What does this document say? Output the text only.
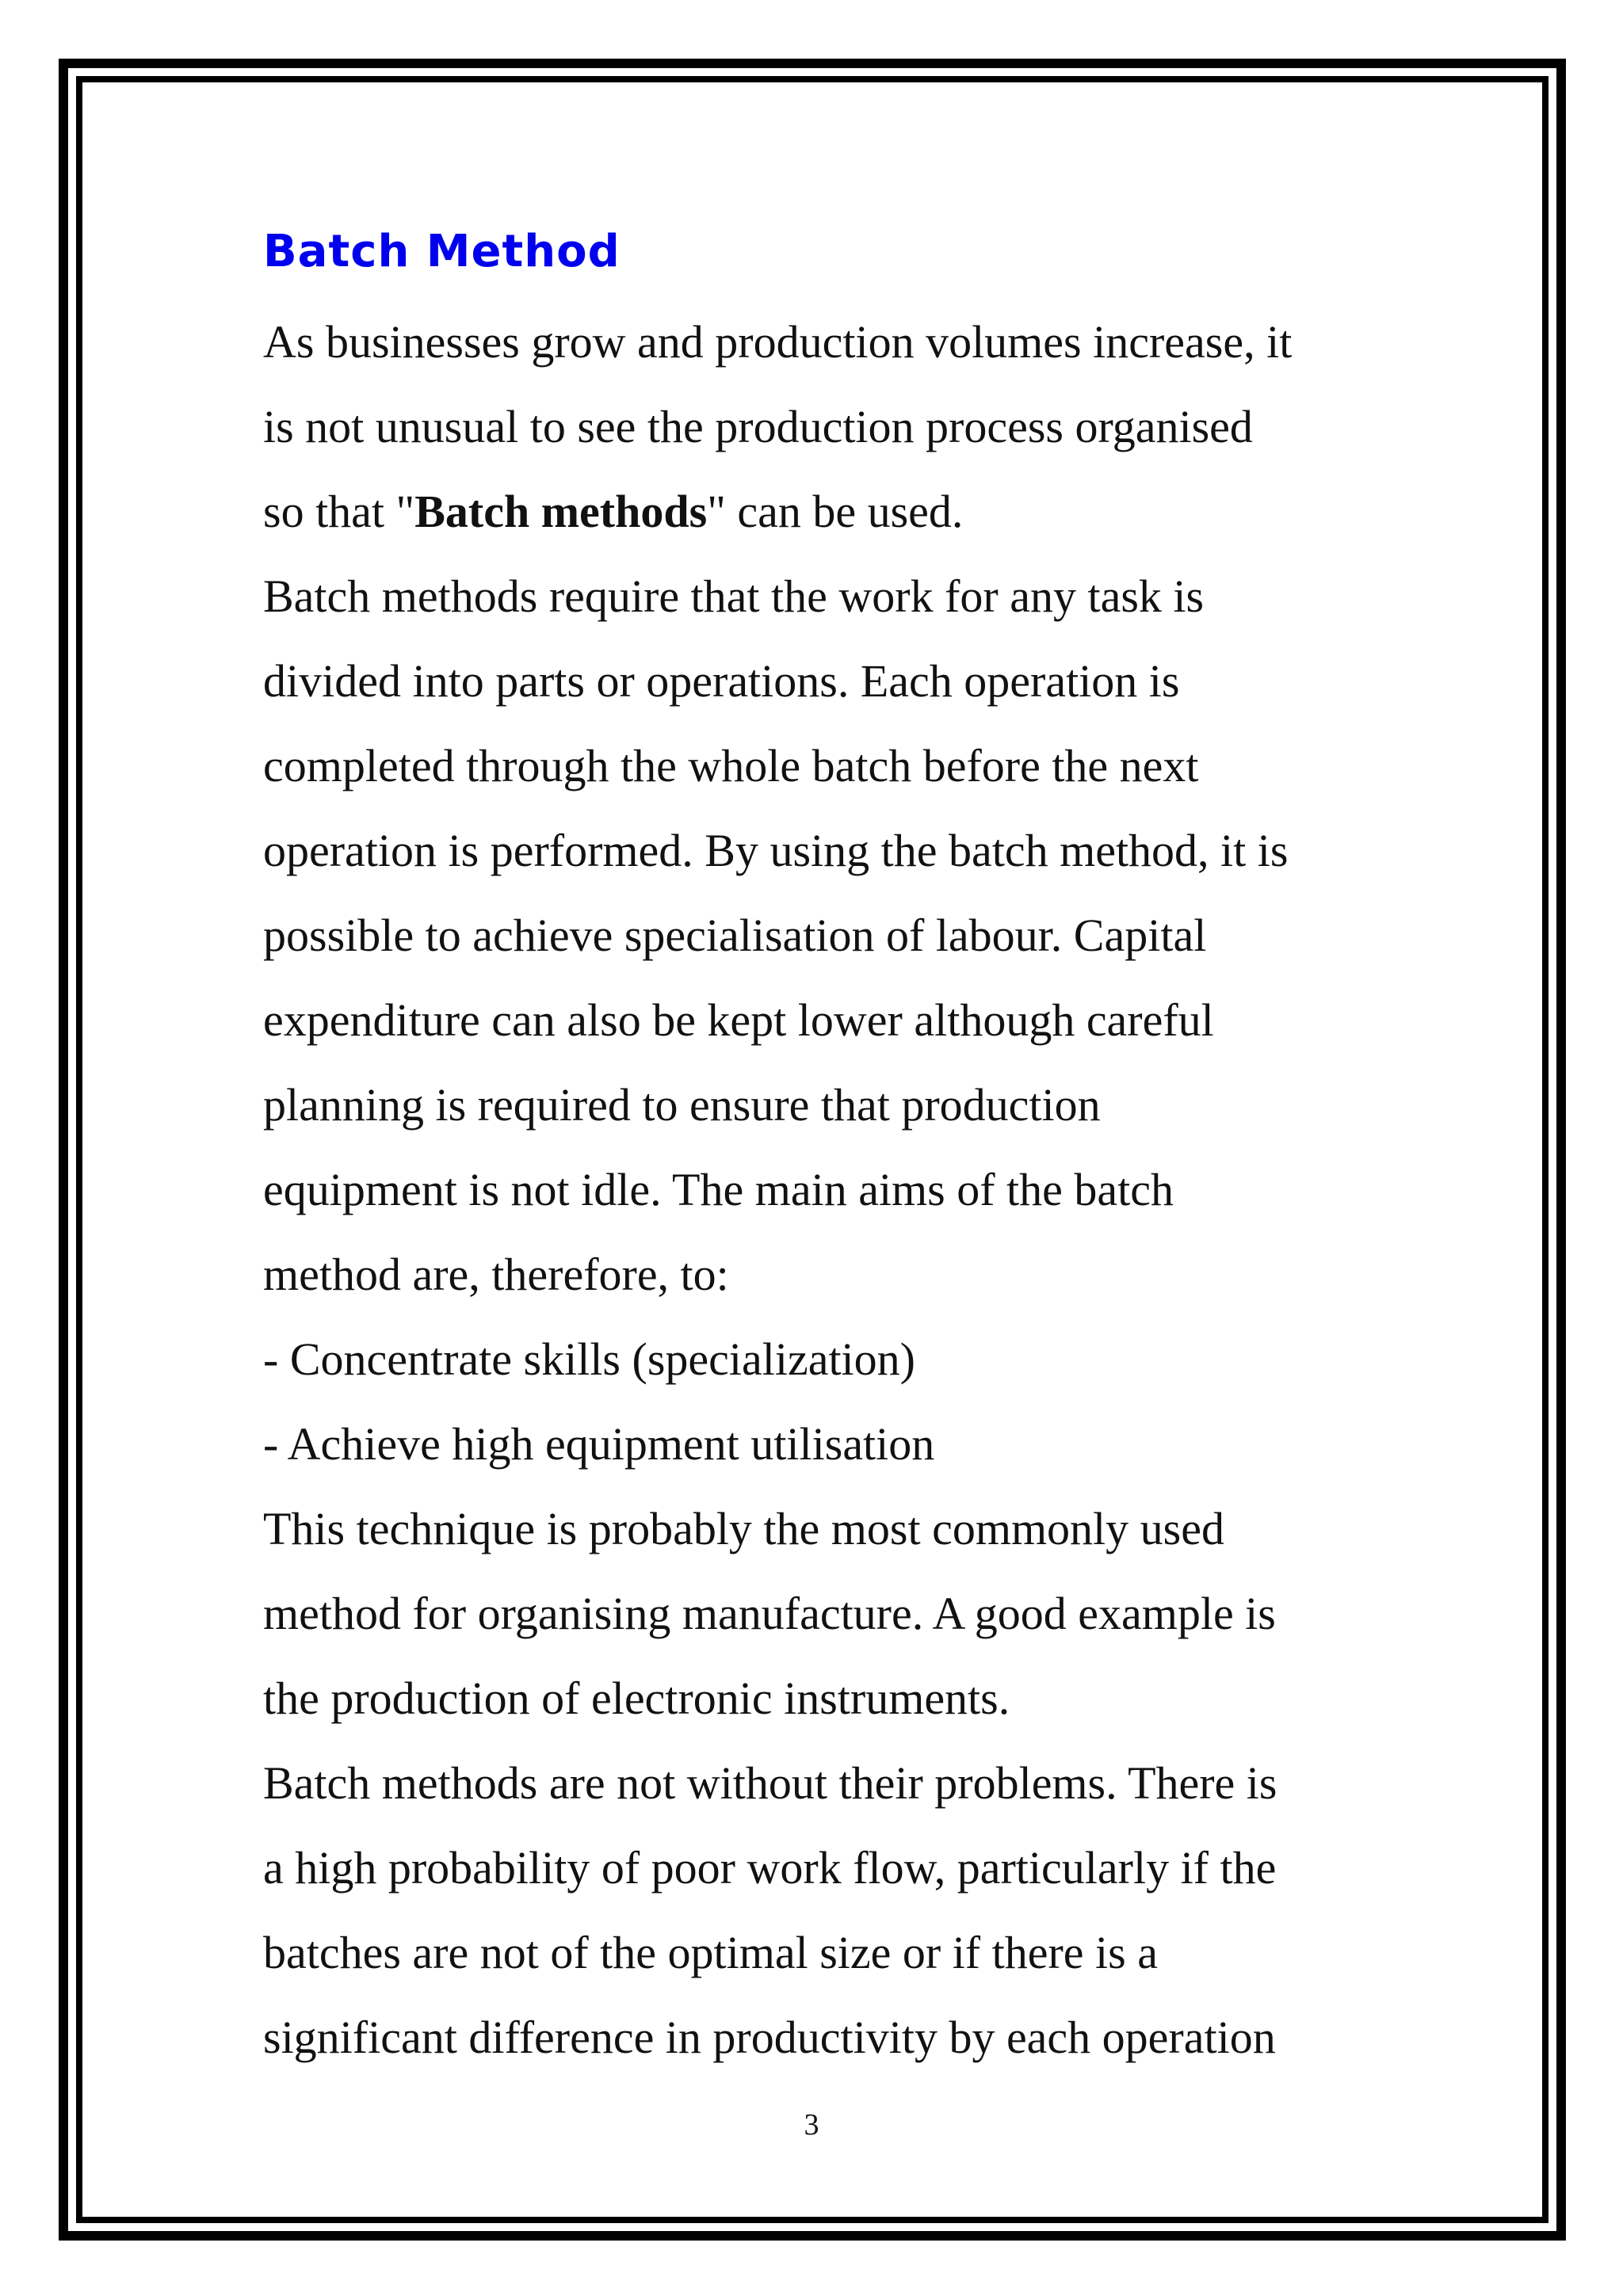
Batch Method
As businesses grow and production volumes increase, it
is not unusual to see the production process organised
so that "Batch methods" can be used.
Batch methods require that the work for any task is
divided into parts or operations. Each operation is
completed through the whole batch before the next
operation is performed. By using the batch method, it is
possible to achieve specialisation of labour. Capital
expenditure can also be kept lower although careful
planning is required to ensure that production
equipment is not idle. The main aims of the batch
method are, therefore, to:
- Concentrate skills (specialization)
- Achieve high equipment utilisation
This technique is probably the most commonly used
method for organising manufacture. A good example is
the production of electronic instruments.
Batch methods are not without their problems. There is
a high probability of poor work flow, particularly if the
batches are not of the optimal size or if there is a
significant difference in productivity by each operation
3
